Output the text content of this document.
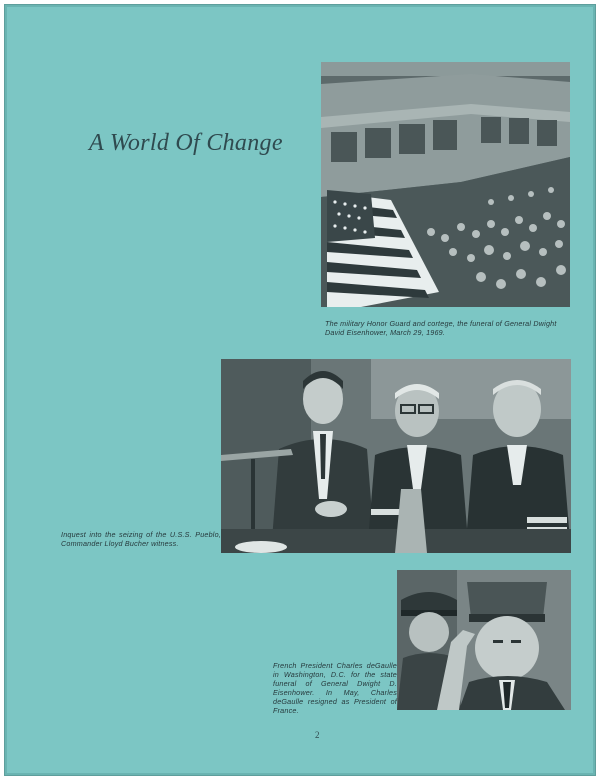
A World Of Change
The military Honor Guard and cortege, the funeral of General Dwight David Eisenhower, March 29, 1969.
Inquest into the seizing of the U.S.S. Pueblo, Commander Lloyd Bucher witness.
French President Charles deGaulle in Washington, D.C. for the state funeral of General Dwight D. Eisenhower. In May, Charles deGaulle resigned as President of France.
2
